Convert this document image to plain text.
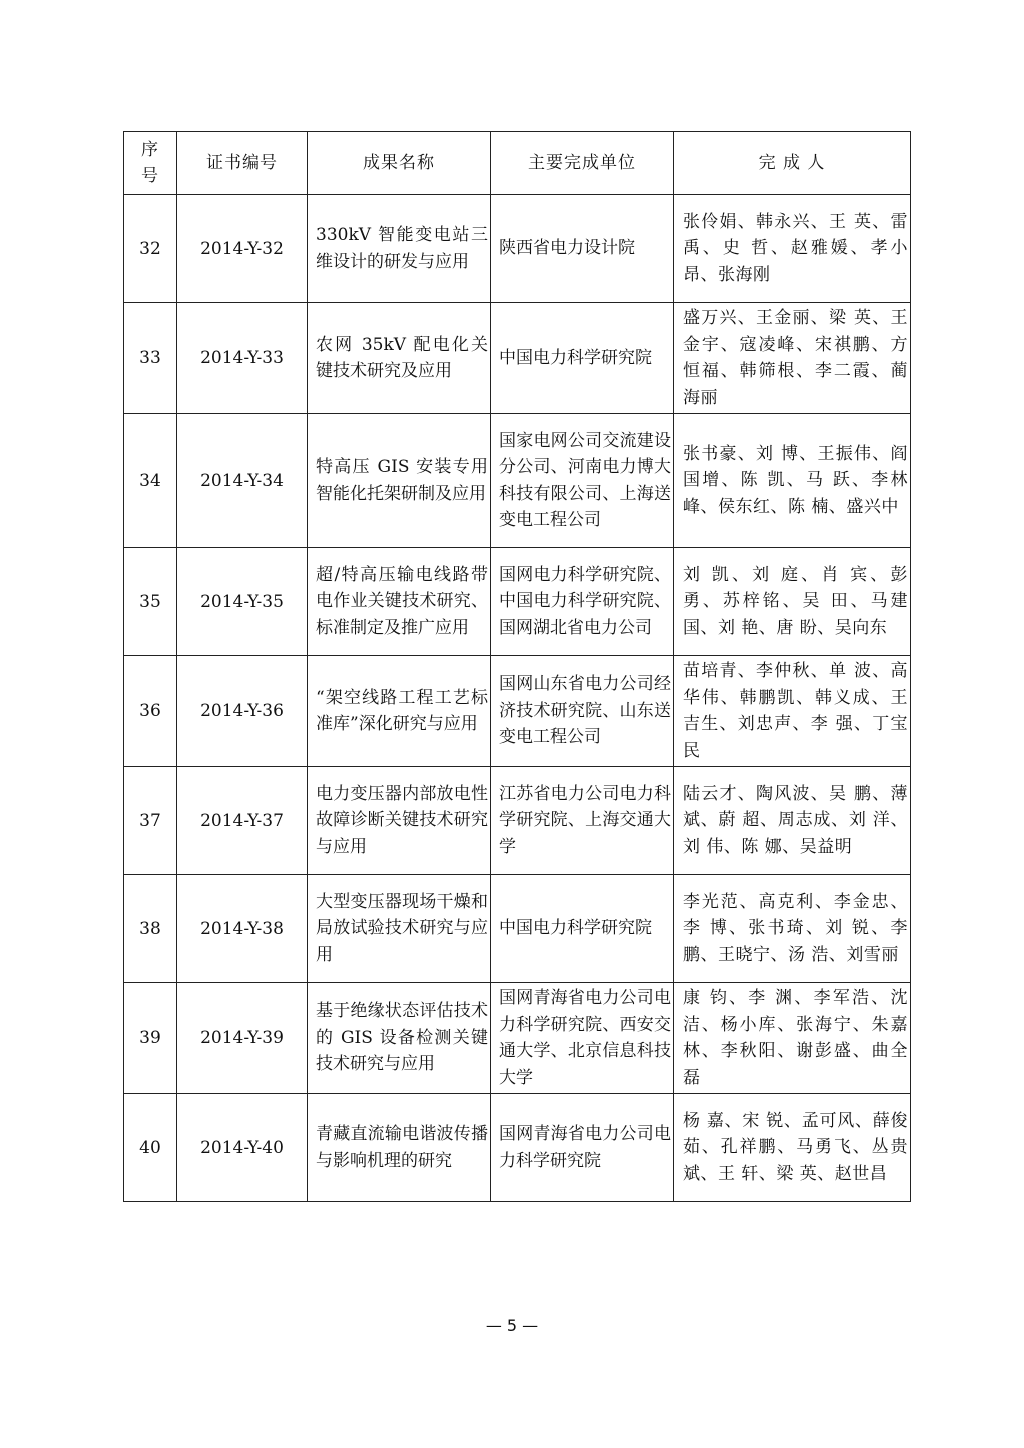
序号	证书编号	成果名称	主要完成单位	完 成 人
32	2014-Y-32	330kV 智能变电站三维设计的研发与应用	陕西省电力设计院	张伶娟、韩永兴、王 英、雷 禹、史 哲、赵雅媛、孝小昂、张海刚
33	2014-Y-33	农网 35kV 配电化关键技术研究及应用	中国电力科学研究院	盛万兴、王金丽、梁 英、王金宇、寇凌峰、宋祺鹏、方恒福、韩筛根、李二霞、蔺海丽
34	2014-Y-34	特高压 GIS 安装专用智能化托架研制及应用	国家电网公司交流建设分公司、河南电力博大科技有限公司、上海送变电工程公司	张书豪、刘 博、王振伟、阎国增、陈 凯、马 跃、李林峰、侯东红、陈 楠、盛兴中
35	2014-Y-35	超/特高压输电线路带电作业关键技术研究、标准制定及推广应用	国网电力科学研究院、中国电力科学研究院、国网湖北省电力公司	刘 凯、刘 庭、肖 宾、彭 勇、苏梓铭、吴 田、马建国、刘 艳、唐 盼、吴向东
36	2014-Y-36	“架空线路工程工艺标准库”深化研究与应用	国网山东省电力公司经济技术研究院、山东送变电工程公司	苗培青、李仲秋、单 波、高华伟、韩鹏凯、韩义成、王吉生、刘忠声、李 强、丁宝民
37	2014-Y-37	电力变压器内部放电性故障诊断关键技术研究与应用	江苏省电力公司电力科学研究院、上海交通大学	陆云才、陶风波、吴 鹏、薄 斌、蔚 超、周志成、刘 洋、刘 伟、陈 娜、吴益明
38	2014-Y-38	大型变压器现场干燥和局放试验技术研究与应用	中国电力科学研究院	李光范、高克利、李金忠、李 博、张书琦、刘 锐、李 鹏、王晓宁、汤 浩、刘雪丽
39	2014-Y-39	基于绝缘状态评估技术的 GIS 设备检测关键技术研究与应用	国网青海省电力公司电力科学研究院、西安交通大学、北京信息科技大学	康 钧、李 渊、李军浩、沈 洁、杨小库、张海宁、朱嘉林、李秋阳、谢彭盛、曲全磊
40	2014-Y-40	青藏直流输电谐波传播与影响机理的研究	国网青海省电力公司电力科学研究院	杨 嘉、宋 锐、孟可风、薛俊茹、孔祥鹏、马勇飞、丛贵斌、王 轩、梁 英、赵世昌
— 5 —
